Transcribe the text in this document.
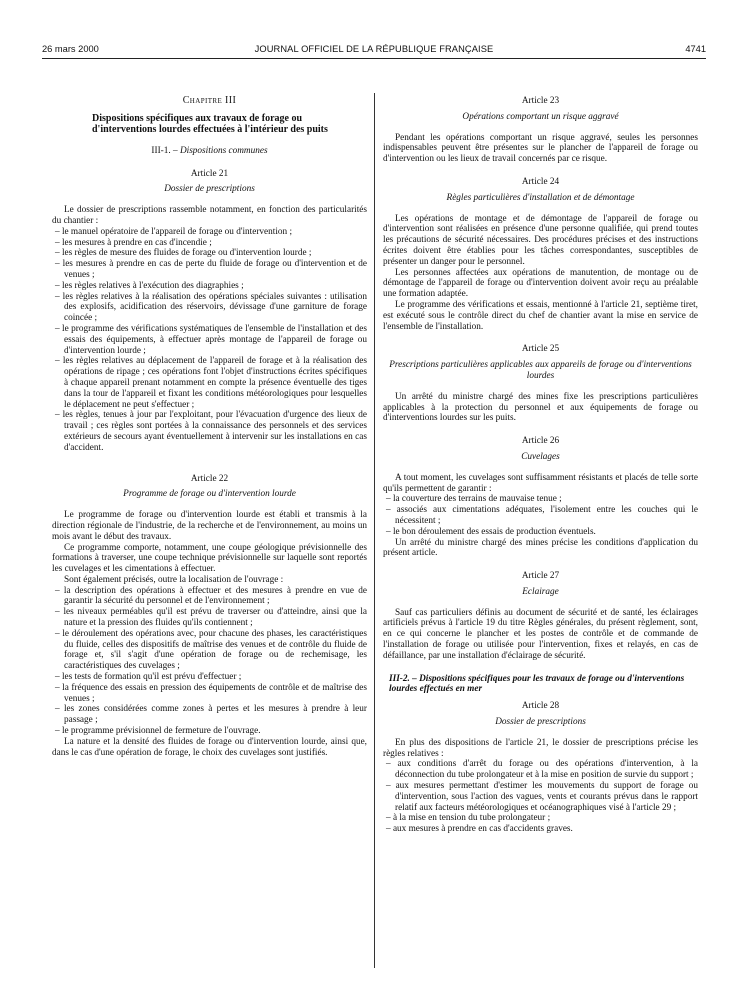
26 mars 2000	JOURNAL OFFICIEL DE LA RÉPUBLIQUE FRANÇAISE	4741
Chapitre III
Dispositions spécifiques aux travaux de forage ou d'interventions lourdes effectuées à l'intérieur des puits
III-1. – Dispositions communes
Article 21
Dossier de prescriptions

Le dossier de prescriptions rassemble notamment, en fonction des particularités du chantier :

– le manuel opératoire de l'appareil de forage ou d'intervention ;
– les mesures à prendre en cas d'incendie ;
– les règles de mesure des fluides de forage ou d'intervention lourde ;
– les mesures à prendre en cas de perte du fluide de forage ou d'intervention et de venues ;
– les règles relatives à l'exécution des diagraphies ;
– les règles relatives à la réalisation des opérations spéciales suivantes : utilisation des explosifs, acidification des réservoirs, dévissage d'une garniture de forage coincée ;
– le programme des vérifications systématiques de l'ensemble de l'installation et des essais des équipements, à effectuer après montage de l'appareil de forage ou d'intervention lourde ;
– les règles relatives au déplacement de l'appareil de forage et à la réalisation des opérations de ripage ; ces opérations font l'objet d'instructions écrites spécifiques à chaque appareil prenant notamment en compte la présence éventuelle des tiges dans la tour de l'appareil et fixant les conditions météorologiques pour lesquelles le déplacement ne peut s'effectuer ;
– les règles, tenues à jour par l'exploitant, pour l'évacuation d'urgence des lieux de travail ; ces règles sont portées à la connaissance des personnels et des services extérieurs de secours ayant éventuellement à intervenir sur les installations en cas d'accident.
Article 22
Programme de forage ou d'intervention lourde

Le programme de forage ou d'intervention lourde est établi et transmis à la direction régionale de l'industrie, de la recherche et de l'environnement, au moins un mois avant le début des travaux.

Ce programme comporte, notamment, une coupe géologique prévisionnelle des formations à traverser, une coupe technique prévisionnelle sur laquelle sont reportés les cuvelages et les cimentations à effectuer.

Sont également précisés, outre la localisation de l'ouvrage :

– la description des opérations à effectuer et des mesures à prendre en vue de garantir la sécurité du personnel et de l'environnement ;
– les niveaux perméables qu'il est prévu de traverser ou d'atteindre, ainsi que la nature et la pression des fluides qu'ils contiennent ;
– le déroulement des opérations avec, pour chacune des phases, les caractéristiques du fluide, celles des dispositifs de maîtrise des venues et de contrôle du fluide de forage et, s'il s'agit d'une opération de forage ou de rechemisage, les caractéristiques des cuvelages ;
– les tests de formation qu'il est prévu d'effectuer ;
– la fréquence des essais en pression des équipements de contrôle et de maîtrise des venues ;
– les zones considérées comme zones à pertes et les mesures à prendre à leur passage ;
– le programme prévisionnel de fermeture de l'ouvrage.

La nature et la densité des fluides de forage ou d'intervention lourde, ainsi que, dans le cas d'une opération de forage, le choix des cuvelages sont justifiés.

Article 23
Opérations comportant un risque aggravé

Pendant les opérations comportant un risque aggravé, seules les personnes indispensables peuvent être présentes sur le plancher de l'appareil de forage ou d'intervention ou les lieux de travail concernés par ce risque.

Article 24
Règles particulières d'installation et de démontage

Les opérations de montage et de démontage de l'appareil de forage ou d'intervention sont réalisées en présence d'une personne qualifiée, qui prend toutes les précautions de sécurité nécessaires. Des procédures précises et des instructions écrites doivent être établies pour les tâches correspondantes, susceptibles de présenter un danger pour le personnel.

Les personnes affectées aux opérations de manutention, de montage ou de démontage de l'appareil de forage ou d'intervention doivent avoir reçu au préalable une formation adaptée.

Le programme des vérifications et essais, mentionné à l'article 21, septième tiret, est exécuté sous le contrôle direct du chef de chantier avant la mise en service de l'ensemble de l'installation.

Article 25
Prescriptions particulières applicables aux appareils de forage ou d'interventions lourdes

Un arrêté du ministre chargé des mines fixe les prescriptions particulières applicables à la protection du personnel et aux équipements de forage ou d'interventions lourdes sur les puits.

Article 26
Cuvelages

A tout moment, les cuvelages sont suffisamment résistants et placés de telle sorte qu'ils permettent de garantir :

– la couverture des terrains de mauvaise tenue ;
– associés aux cimentations adéquates, l'isolement entre les couches qui le nécessitent ;
– le bon déroulement des essais de production éventuels.

Un arrêté du ministre chargé des mines précise les conditions d'application du présent article.

Article 27
Eclairage

Sauf cas particuliers définis au document de sécurité et de santé, les éclairages artificiels prévus à l'article 19 du titre Règles générales, du présent règlement, sont, en ce qui concerne le plancher et les postes de contrôle et de commande de l'installation de forage ou utilisée pour l'intervention, fixes et relayés, en cas de défaillance, par une installation d'éclairage de sécurité.

III-2. – Dispositions spécifiques pour les travaux de forage ou d'interventions lourdes effectués en mer
Article 28
Dossier de prescriptions

En plus des dispositions de l'article 21, le dossier de prescriptions précise les règles relatives :

– aux conditions d'arrêt du forage ou des opérations d'intervention, à la déconnection du tube prolongateur et à la mise en position de survie du support ;
– aux mesures permettant d'estimer les mouvements du support de forage ou d'intervention, sous l'action des vagues, vents et courants prévus dans le rapport relatif aux facteurs météorologiques et océanographiques visé à l'article 29 ;
– à la mise en tension du tube prolongateur ;
– aux mesures à prendre en cas d'accidents graves.
